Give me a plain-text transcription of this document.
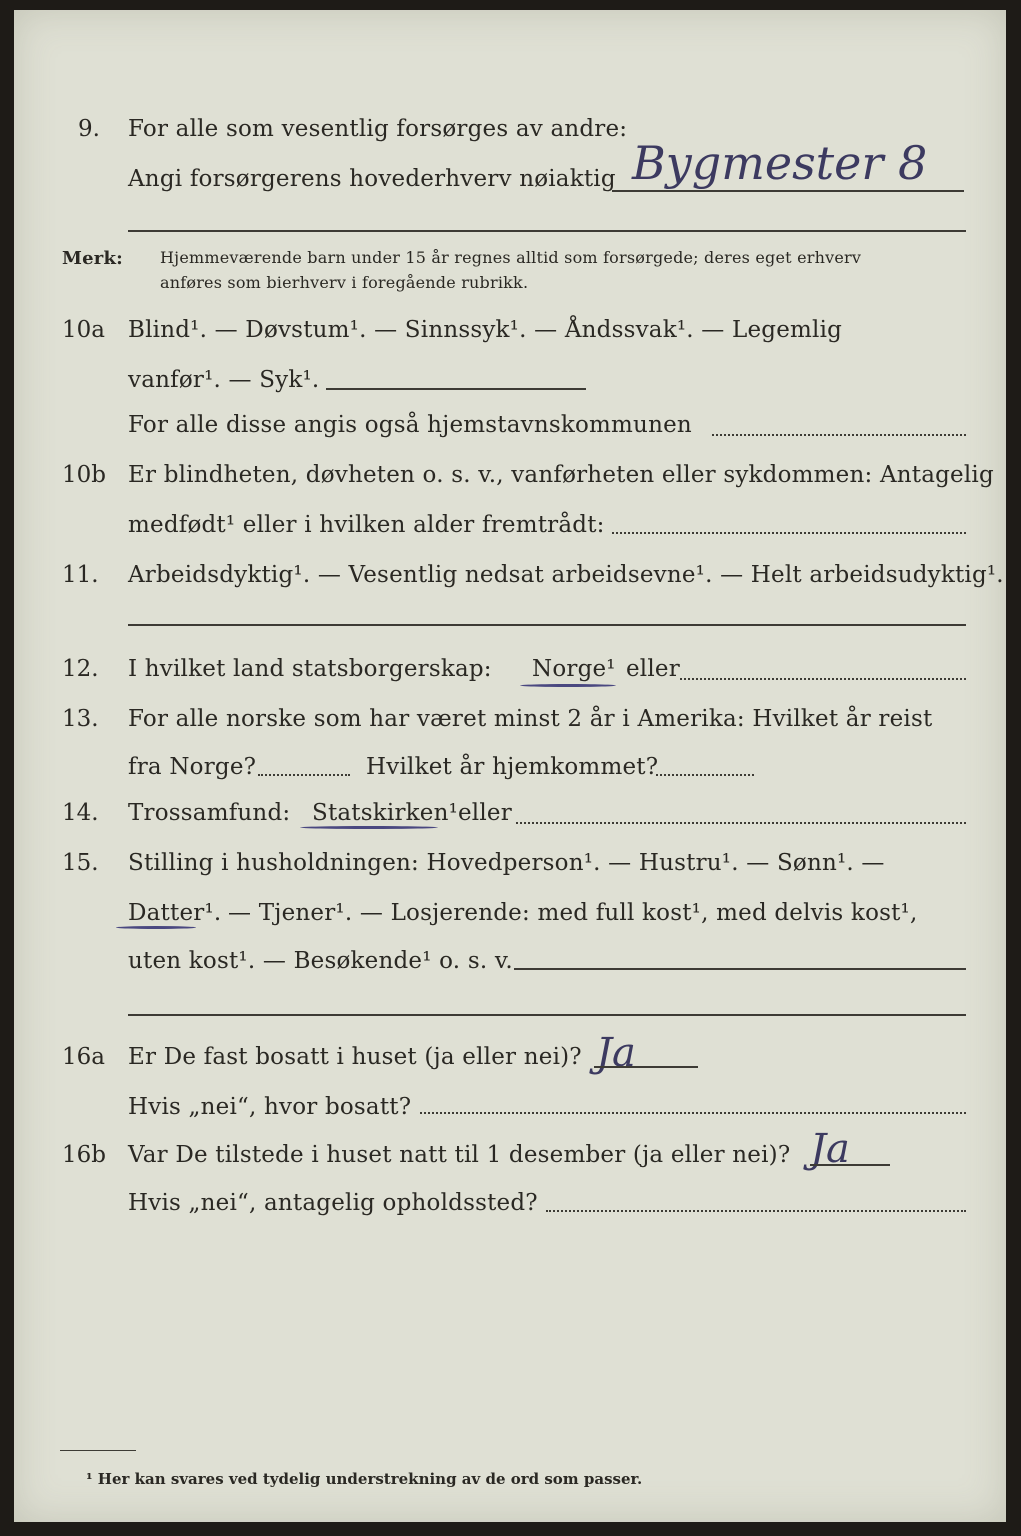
9. For alle som vesentlig forsørges av andre:
Angi forsørgerens hovederhverv nøiaktig Bygmester 8
Merk: Hjemmeværende barn under 15 år regnes alltid som forsørgede; deres eget erhverv
anføres som bierhverv i foregående rubrikk.
10a Blind¹. — Døvstum¹. — Sinnssyk¹. — Åndssvak¹. — Legemlig
vanfør¹. — Syk¹.
For alle disse angis også hjemstavnskommunen
10b Er blindheten, døvheten o. s. v., vanførheten eller sykdommen: Antagelig
medfødt¹ eller i hvilken alder fremtrådt:
11. Arbeidsdyktig¹. — Vesentlig nedsat arbeidsevne¹. — Helt arbeidsudyktig¹.
12. I hvilket land statsborgerskap: Norge¹ eller
13. For alle norske som har været minst 2 år i Amerika: Hvilket år reist
fra Norge?	Hvilket år hjemkommet?
14. Trossamfund: Statskirken¹ eller
15. Stilling i husholdningen: Hovedperson¹. — Hustru¹. — Sønn¹. —
Datter¹. — Tjener¹. — Losjerende: med full kost¹, med delvis kost¹,
uten kost¹. — Besøkende¹ o. s. v.
16a Er De fast bosatt i huset (ja eller nei)? Ja
Hvis „nei“, hvor bosatt?
16b Var De tilstede i huset natt til 1 desember (ja eller nei)? Ja
Hvis „nei“, antagelig opholdssted?
¹ Her kan svares ved tydelig understrekning av de ord som passer.
